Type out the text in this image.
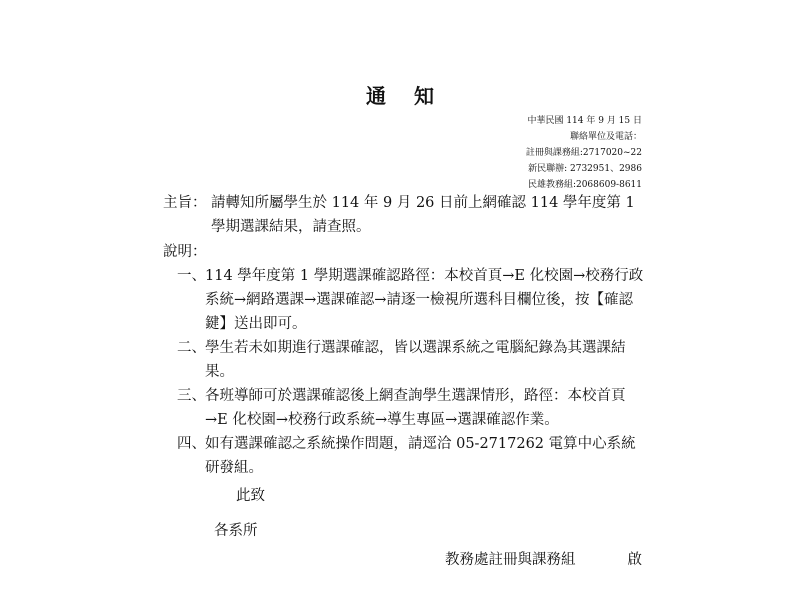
通知
中華民國 114 年 9 月 15 日
聯絡單位及電話：
註冊與課務組:2717020~22
新民聯辦: 2732951、2986
民雄教務組:2068609-8611
主旨： 請轉知所屬學生於 114 年 9 月 26 日前上網確認 114 學年度第 1 學期選課結果，請查照。
說明：
一、 114 學年度第 1 學期選課確認路徑：本校首頁→E 化校園→校務行政系統→網路選課→選課確認→請逐一檢視所選科目欄位後，按【確認鍵】送出即可。
二、 學生若未如期進行選課確認，皆以選課系統之電腦紀錄為其選課結果。
三、 各班導師可於選課確認後上網查詢學生選課情形，路徑：本校首頁→E 化校園→校務行政系統→導生專區→選課確認作業。
四、 如有選課確認之系統操作問題，請逕洽 05-2717262 電算中心系統研發組。
此致
各系所
教務處註冊與課務組	啟
